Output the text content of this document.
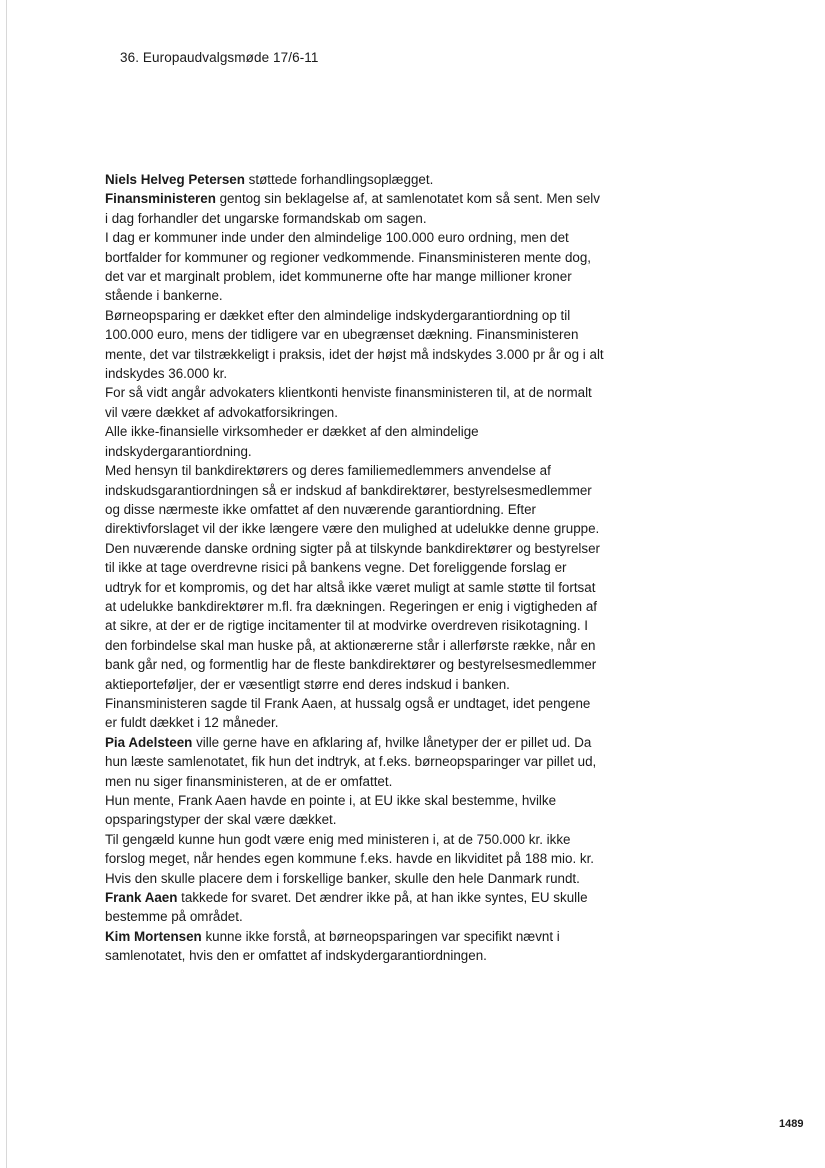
36. Europaudvalgsmøde 17/6-11

Niels Helveg Petersen støttede forhandlingsoplægget.

Finansministeren gentog sin beklagelse af, at samlenotatet kom så sent. Men selv i dag forhandler det ungarske formandskab om sagen.

I dag er kommuner inde under den almindelige 100.000 euro ordning, men det bortfalder for kommuner og regioner vedkommende. Finansministeren mente dog, det var et marginalt problem, idet kommunerne ofte har mange millioner kroner stående i bankerne.

Børneopsparing er dækket efter den almindelige indskydergarantiordning op til 100.000 euro, mens der tidligere var en ubegrænset dækning. Finansministeren mente, det var tilstrækkeligt i praksis, idet der højst må indskydes 3.000 pr år og i alt indskydes 36.000 kr.

For så vidt angår advokaters klientkonti henviste finansministeren til, at de normalt vil være dækket af advokatforsikringen.

Alle ikke-finansielle virksomheder er dækket af den almindelige indskydergarantiordning.

Med hensyn til bankdirektørers og deres familiemedlemmers anvendelse af indskudsgarantiordningen så er indskud af bankdirektører, bestyrelsesmedlemmer og disse nærmeste ikke omfattet af den nuværende garantiordning. Efter direktivforslaget vil der ikke længere være den mulighed at udelukke denne gruppe. Den nuværende danske ordning sigter på at tilskynde bankdirektører og bestyrelser til ikke at tage overdrevne risici på bankens vegne. Det foreliggende forslag er udtryk for et kompromis, og det har altså ikke været muligt at samle støtte til fortsat at udelukke bankdirektører m.fl. fra dækningen. Regeringen er enig i vigtigheden af at sikre, at der er de rigtige incitamenter til at modvirke overdreven risikotagning. I den forbindelse skal man huske på, at aktionærerne står i allerførste række, når en bank går ned, og formentlig har de fleste bankdirektører og bestyrelsesmedlemmer aktieporteføljer, der er væsentligt større end deres indskud i banken.

Finansministeren sagde til Frank Aaen, at hussalg også er undtaget, idet pengene er fuldt dækket i 12 måneder.

Pia Adelsteen ville gerne have en afklaring af, hvilke lånetyper der er pillet ud. Da hun læste samlenotatet, fik hun det indtryk, at f.eks. børneopsparinger var pillet ud, men nu siger finansministeren, at de er omfattet.

Hun mente, Frank Aaen havde en pointe i, at EU ikke skal bestemme, hvilke opsparingstyper der skal være dækket.

Til gengæld kunne hun godt være enig med ministeren i, at de 750.000 kr. ikke forslog meget, når hendes egen kommune f.eks. havde en likviditet på 188 mio. kr. Hvis den skulle placere dem i forskellige banker, skulle den hele Danmark rundt.

Frank Aaen takkede for svaret. Det ændrer ikke på, at han ikke syntes, EU skulle bestemme på området.

Kim Mortensen kunne ikke forstå, at børneopsparingen var specifikt nævnt i samlenotatet, hvis den er omfattet af indskydergarantiordningen.

1489
